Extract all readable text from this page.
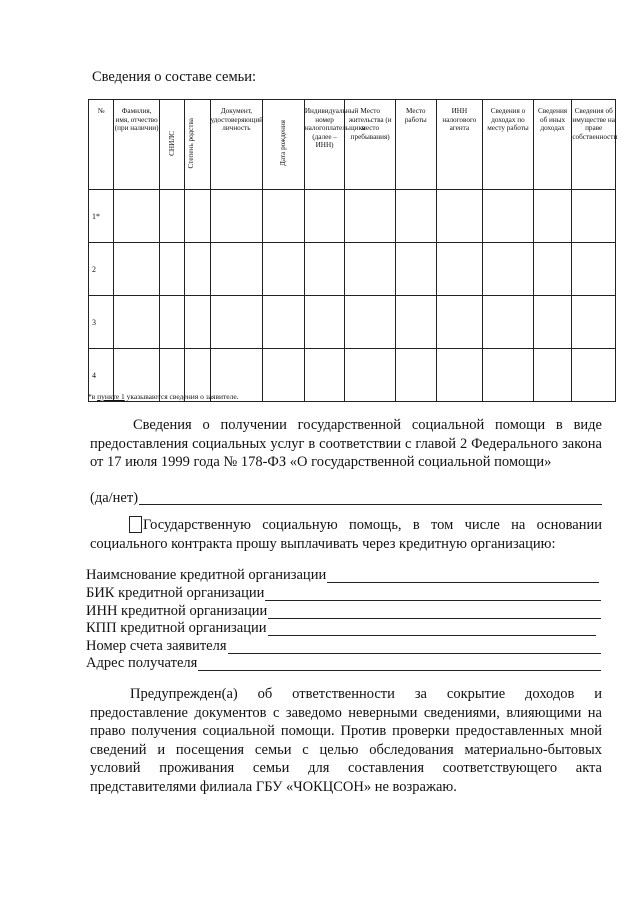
Сведения о составе семьи:
№	Фамилия, имя, отчество (при наличии)	СНИЛС	Степень родства	Документ, удостоверяющий личность	Дата рождения	Индивидуальный номер налогоплательщика (далее – ИНН)	Место жительства (и место пребывания)	Место работы	ИНН налогового агента	Сведения о доходах по месту работы	Сведения об иных доходах	Сведения об имуществе на праве собственности
1*												
2												
3												
4												
*в пункте 1 указываются сведения о заявителе.
Сведения о получении государственной социальной помощи в виде предоставления социальных услуг в соответствии с главой 2 Федерального закона от 17 июля 1999 года № 178-ФЗ «О государственной социальной помощи»
(да/нет)
Государственную социальную помощь, в том числе на основании социального контракта прошу выплачивать через кредитную организацию:
Наимснование кредитной организации
БИК кредитной организации
ИНН кредитной организации
КПП кредитной организации
Номер счета заявителя
Адрес получателя
Предупрежден(а) об ответственности за сокрытие доходов и предоставление документов с заведомо неверными сведениями, влияющими на право получения социальной помощи. Против проверки предоставленных мной сведений и посещения семьи с целью обследования материально-бытовых условий проживания семьи для составления соответствующего акта представителями филиала ГБУ «ЧОКЦСОН» не возражаю.
